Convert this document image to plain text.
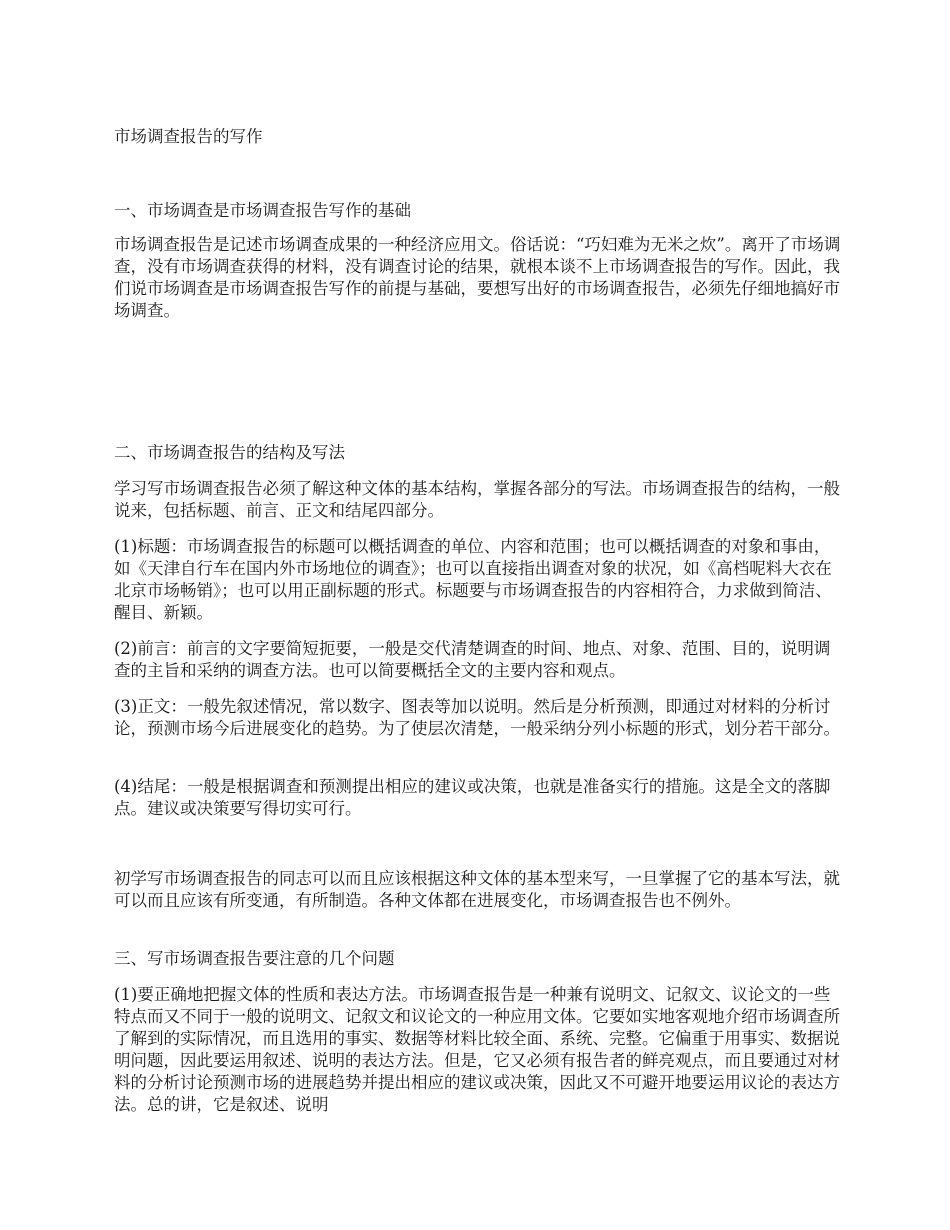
市场调查报告的写作

一、市场调查是市场调查报告写作的基础

市场调查报告是记述市场调查成果的一种经济应用文。俗话说：“巧妇难为无米之炊”。离开了市场调查，没有市场调查获得的材料，没有调查讨论的结果，就根本谈不上市场调查报告的写作。因此，我们说市场调查是市场调查报告写作的前提与基础，要想写出好的市场调查报告，必须先仔细地搞好市场调查。

二、市场调查报告的结构及写法

学习写市场调查报告必须了解这种文体的基本结构，掌握各部分的写法。市场调查报告的结构，一般说来，包括标题、前言、正文和结尾四部分。

(1)标题：市场调查报告的标题可以概括调查的单位、内容和范围；也可以概括调查的对象和事由，如《天津自行车在国内外市场地位的调查》；也可以直接指出调查对象的状况，如《高档呢料大衣在北京市场畅销》；也可以用正副标题的形式。标题要与市场调查报告的内容相符合，力求做到简洁、醒目、新颖。

(2)前言：前言的文字要简短扼要，一般是交代清楚调查的时间、地点、对象、范围、目的，说明调查的主旨和采纳的调查方法。也可以简要概括全文的主要内容和观点。

(3)正文：一般先叙述情况，常以数字、图表等加以说明。然后是分析预测，即通过对材料的分析讨论，预测市场今后进展变化的趋势。为了使层次清楚，一般采纳分列小标题的形式，划分若干部分。

(4)结尾：一般是根据调查和预测提出相应的建议或决策，也就是准备实行的措施。这是全文的落脚点。建议或决策要写得切实可行。

初学写市场调查报告的同志可以而且应该根据这种文体的基本型来写，一旦掌握了它的基本写法，就可以而且应该有所变通，有所制造。各种文体都在进展变化，市场调查报告也不例外。

三、写市场调查报告要注意的几个问题

(1)要正确地把握文体的性质和表达方法。市场调查报告是一种兼有说明文、记叙文、议论文的一些特点而又不同于一般的说明文、记叙文和议论文的一种应用文体。它要如实地客观地介绍市场调查所了解到的实际情况，而且选用的事实、数据等材料比较全面、系统、完整。它偏重于用事实、数据说明问题，因此要运用叙述、说明的表达方法。但是，它又必须有报告者的鲜亮观点，而且要通过对材料的分析讨论预测市场的进展趋势并提出相应的建议或决策，因此又不可避开地要运用议论的表达方法。总的讲，它是叙述、说明
